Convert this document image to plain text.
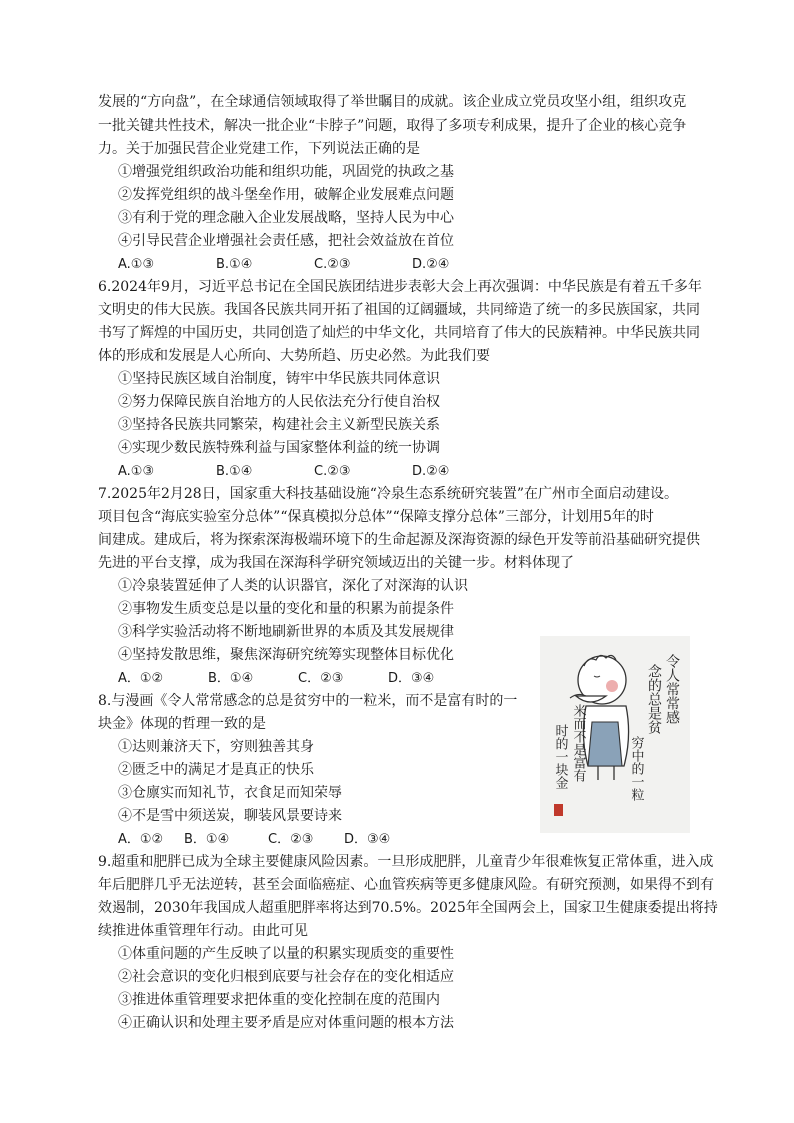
发展的“方向盘”，在全球通信领域取得了举世瞩目的成就。该企业成立党员攻坚小组，组织攻克
一批关键共性技术，解决一批企业“卡脖子”问题，取得了多项专利成果，提升了企业的核心竞争
力。关于加强民营企业党建工作，下列说法正确的是
①增强党组织政治功能和组织功能，巩固党的执政之基
②发挥党组织的战斗堡垒作用，破解企业发展难点问题
③有利于党的理念融入企业发展战略，坚持人民为中心
④引导民营企业增强社会责任感，把社会效益放在首位
A.①③	B.①④	C.②③	D.②④
6.2024年9月，习近平总书记在全国民族团结进步表彰大会上再次强调：中华民族是有着五千多年
文明史的伟大民族。我国各民族共同开拓了祖国的辽阔疆域，共同缔造了统一的多民族国家，共同
书写了辉煌的中国历史，共同创造了灿烂的中华文化，共同培育了伟大的民族精神。中华民族共同
体的形成和发展是人心所向、大势所趋、历史必然。为此我们要
①坚持民族区域自治制度，铸牢中华民族共同体意识
②努力保障民族自治地方的人民依法充分行使自治权
③坚持各民族共同繁荣，构建社会主义新型民族关系
④实现少数民族特殊利益与国家整体利益的统一协调
A.①③	B.①④	C.②③	D.②④
7.2025年2月28日，国家重大科技基础设施“冷泉生态系统研究装置”在广州市全面启动建设。
项目包含“海底实验室分总体”“保真模拟分总体”“保障支撑分总体”三部分，计划用5年的时
间建成。建成后，将为探索深海极端环境下的生命起源及深海资源的绿色开发等前沿基础研究提供
先进的平台支撑，成为我国在深海科学研究领域迈出的关键一步。材料体现了
①冷泉装置延伸了人类的认识器官，深化了对深海的认识
②事物发生质变总是以量的变化和量的积累为前提条件
③科学实验活动将不断地刷新世界的本质及其发展规律
④坚持发散思维，聚焦深海研究统筹实现整体目标优化
A．①②	B．①④	C．②③	D．③④
8.与漫画《令人常常感念的总是贫穷中的一粒米，而不是富有时的一
块金》体现的哲理一致的是
①达则兼济天下，穷则独善其身
②匮乏中的满足才是真正的快乐
③仓廪实而知礼节，衣食足而知荣辱
④不是雪中须送炭，聊装风景要诗来
A．①② B．①④	C．②③ D．③④
令人常常感
念的总是贫
穷中的一粒
米而不是富有
时的一块金
9.超重和肥胖已成为全球主要健康风险因素。一旦形成肥胖，儿童青少年很难恢复正常体重，进入成
年后肥胖几乎无法逆转，甚至会面临癌症、心血管疾病等更多健康风险。有研究预测，如果得不到有
效遏制，2030年我国成人超重肥胖率将达到70.5%。2025年全国两会上，国家卫生健康委提出将持
续推进体重管理年行动。由此可见
①体重问题的产生反映了以量的积累实现质变的重要性
②社会意识的变化归根到底要与社会存在的变化相适应
③推进体重管理要求把体重的变化控制在度的范围内
④正确认识和处理主要矛盾是应对体重问题的根本方法
